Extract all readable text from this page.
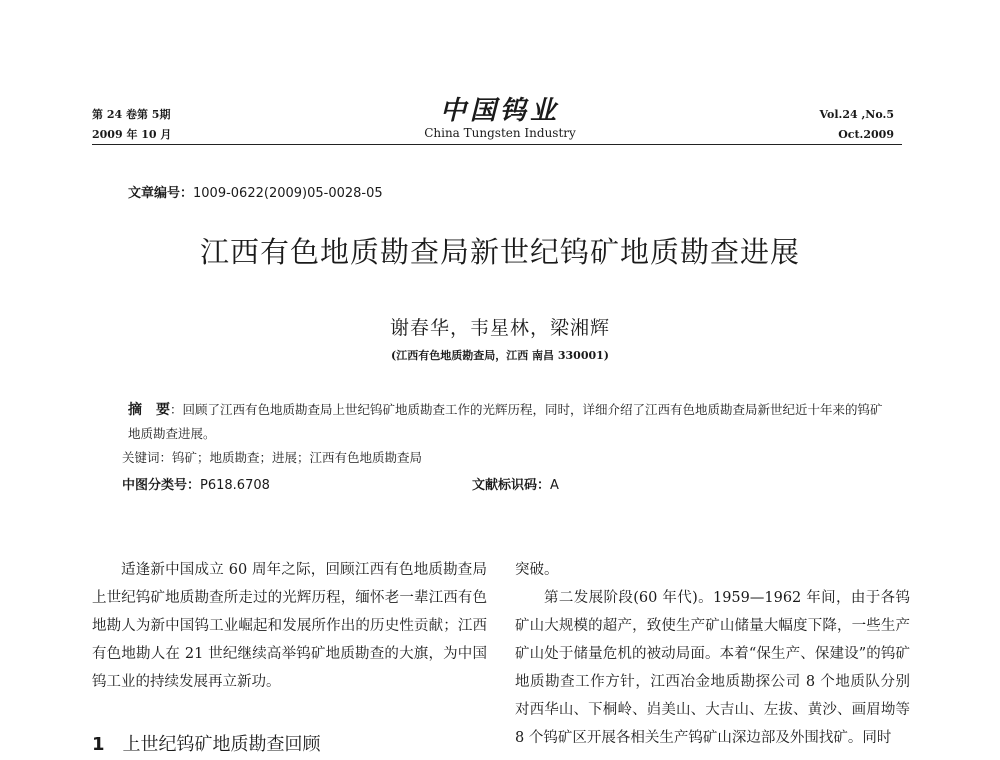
第 24 卷第 5期
2009 年 10 月
中国钨业
China Tungsten Industry
Vol.24 ,No.5
Oct.2009
文章编号：1009-0622(2009)05-0028-05
江西有色地质勘查局新世纪钨矿地质勘查进展
谢春华，韦星林，梁湘辉
(江西有色地质勘查局，江西 南昌 330001)
摘　要：回顾了江西有色地质勘查局上世纪钨矿地质勘查工作的光辉历程，同时，详细介绍了江西有色地质勘查局新世纪近十年来的钨矿地质勘查进展。
关键词：钨矿；地质勘查；进展；江西有色地质勘查局
中图分类号：P618.6708	文献标识码：A

适逢新中国成立 60 周年之际，回顾江西有色地质勘查局上世纪钨矿地质勘查所走过的光辉历程，缅怀老一辈江西有色地勘人为新中国钨工业崛起和发展所作出的历史性贡献；江西有色地勘人在 21 世纪继续高举钨矿地质勘查的大旗，为中国钨工业的持续发展再立新功。

1 上世纪钨矿地质勘查回顾

突破。

第二发展阶段(60 年代)。1959—1962 年间，由于各钨矿山大规模的超产，致使生产矿山储量大幅度下降，一些生产矿山处于储量危机的被动局面。本着“保生产、保建设”的钨矿地质勘查工作方针，江西冶金地质勘探公司 8 个地质队分别对西华山、下桐岭、岿美山、大吉山、左拔、黄沙、画眉坳等 8 个钨矿区开展各相关生产钨矿山深边部及外围找矿。同时
